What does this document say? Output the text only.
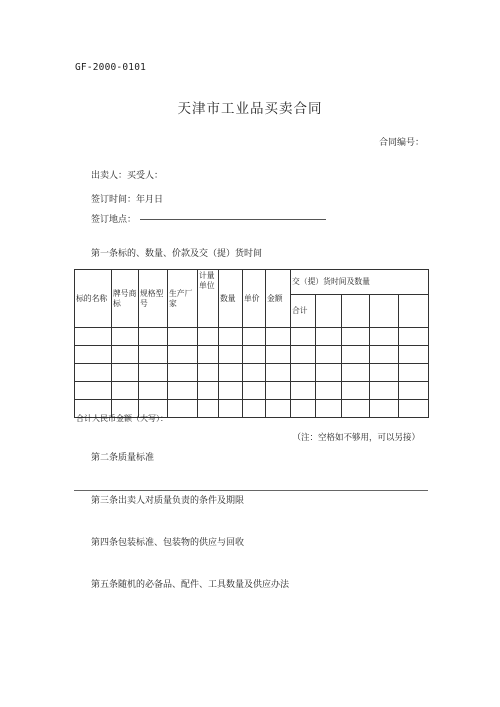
GF-2000-0101
天津市工业品买卖合同
合同编号：
出卖人：买受人：
签订时间：年月日
签订地点：
第一条标的、数量、价款及交（提）货时间
标的名称	牌号商标	规格型号	生产厂家	计量单位	数量	单价	金额	交（提）货时间及数量				
								合计				

合计人民币金额（大写）：
（注：空格如不够用，可以另接）
第二条质量标准
第三条出卖人对质量负责的条件及期限
第四条包装标准、包装物的供应与回收
第五条随机的必备品、配件、工具数量及供应办法
